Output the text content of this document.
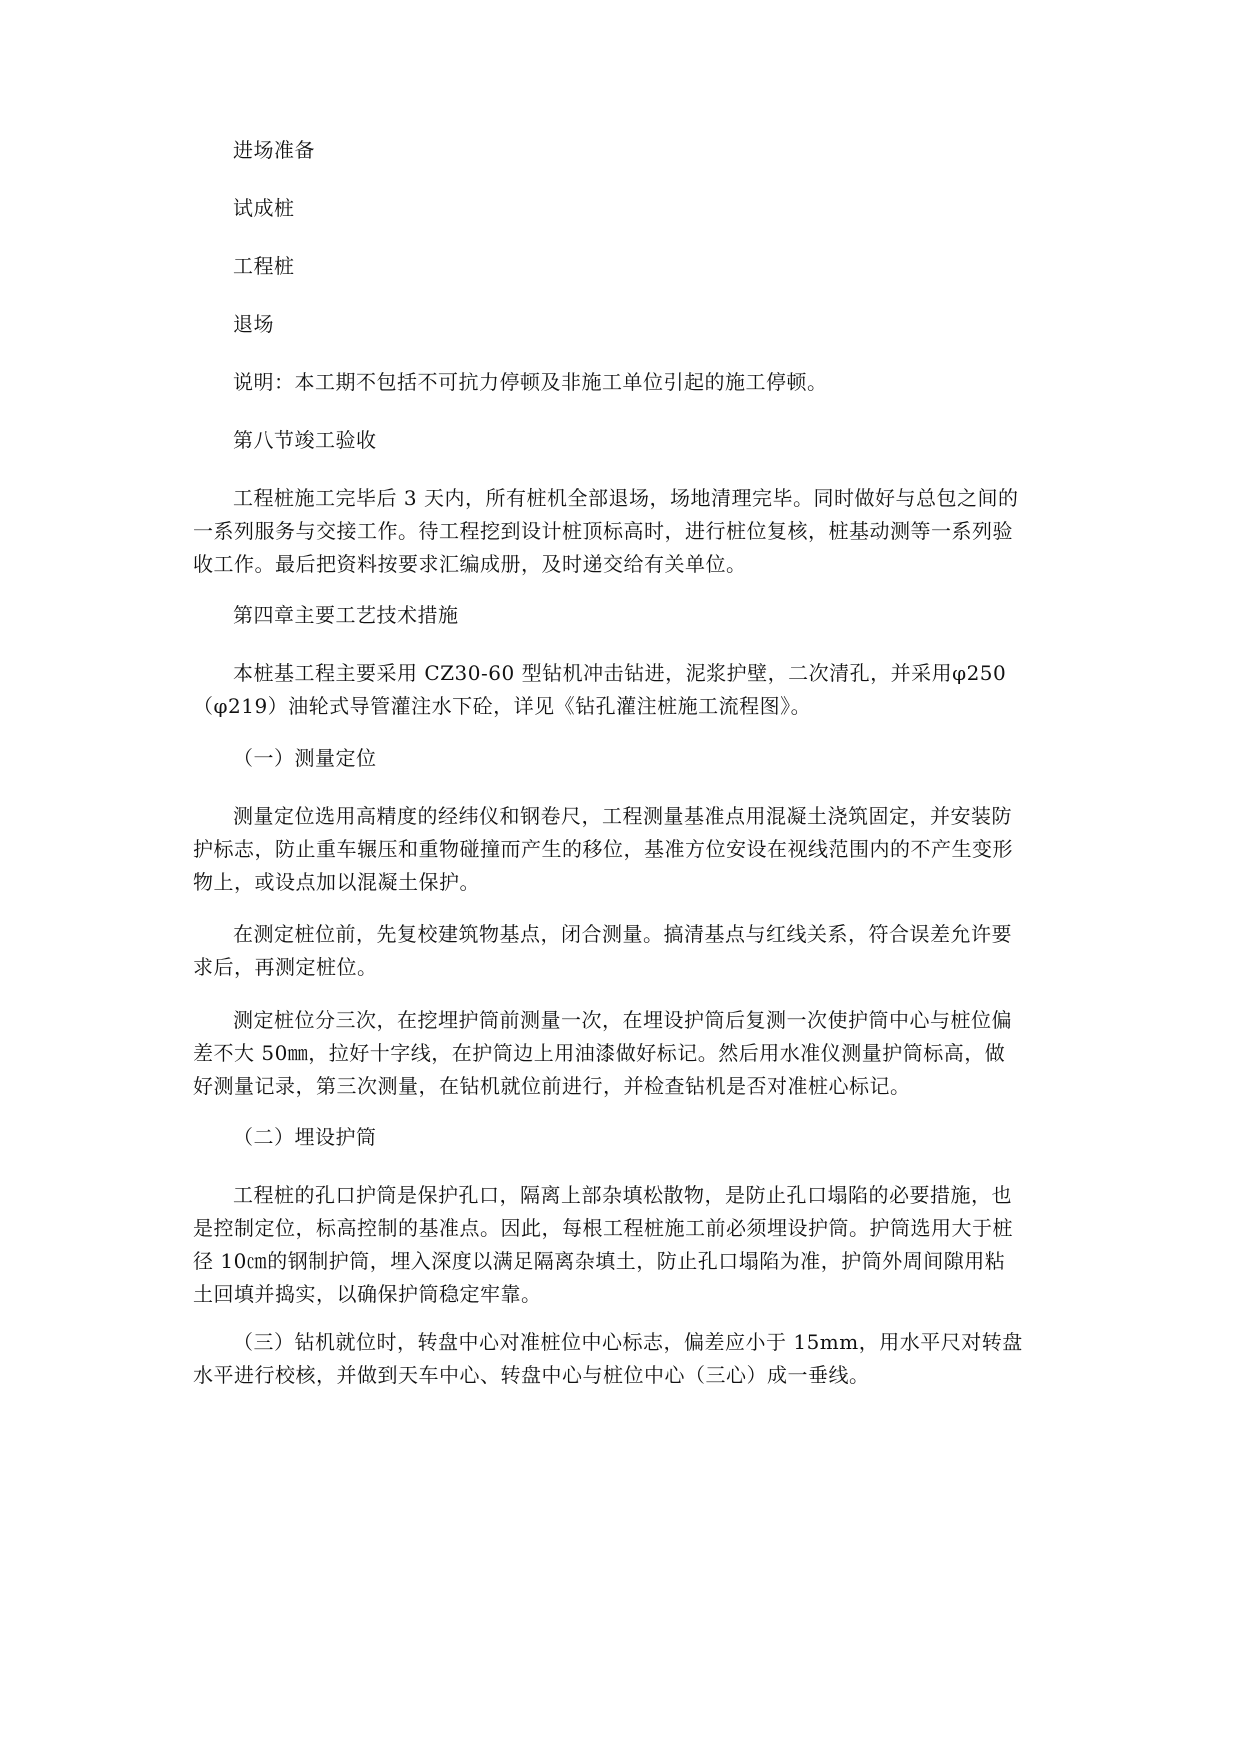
进场准备

试成桩

工程桩

退场

说明：本工期不包括不可抗力停顿及非施工单位引起的施工停顿。

第八节竣工验收

工程桩施工完毕后 3 天内，所有桩机全部退场，场地清理完毕。同时做好与总包之间的
一系列服务与交接工作。待工程挖到设计桩顶标高时，进行桩位复核，桩基动测等一系列验
收工作。最后把资料按要求汇编成册，及时递交给有关单位。

第四章主要工艺技术措施

本桩基工程主要采用 CZ30-60 型钻机冲击钻进，泥浆护壁，二次清孔，并采用φ250
（φ219）油轮式导管灌注水下砼，详见《钻孔灌注桩施工流程图》。

（一）测量定位

测量定位选用高精度的经纬仪和钢卷尺，工程测量基准点用混凝土浇筑固定，并安装防
护标志，防止重车辗压和重物碰撞而产生的移位，基准方位安设在视线范围内的不产生变形
物上，或设点加以混凝土保护。

在测定桩位前，先复校建筑物基点，闭合测量。搞清基点与红线关系，符合误差允许要
求后，再测定桩位。

测定桩位分三次，在挖埋护筒前测量一次，在埋设护筒后复测一次使护筒中心与桩位偏
差不大 50㎜，拉好十字线，在护筒边上用油漆做好标记。然后用水准仪测量护筒标高，做
好测量记录，第三次测量，在钻机就位前进行，并检查钻机是否对准桩心标记。

（二）埋设护筒

工程桩的孔口护筒是保护孔口，隔离上部杂填松散物，是防止孔口塌陷的必要措施，也
是控制定位，标高控制的基准点。因此，每根工程桩施工前必须埋设护筒。护筒选用大于桩
径 10㎝的钢制护筒，埋入深度以满足隔离杂填土，防止孔口塌陷为准，护筒外周间隙用粘
土回填并捣实，以确保护筒稳定牢靠。

（三）钻机就位时，转盘中心对准桩位中心标志，偏差应小于 15mm，用水平尺对转盘
水平进行校核，并做到天车中心、转盘中心与桩位中心（三心）成一垂线。
